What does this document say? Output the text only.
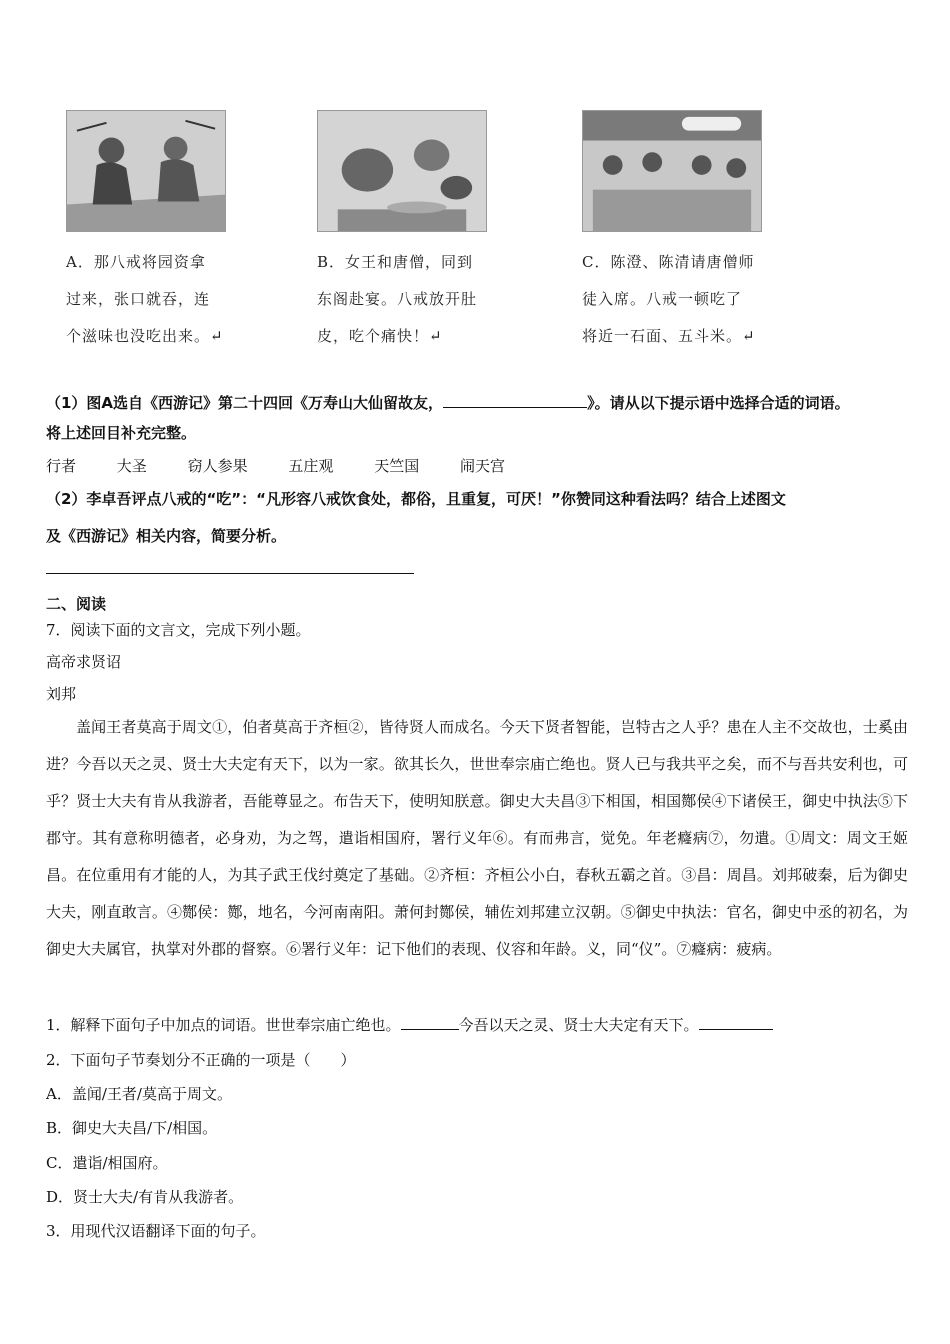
A．那八戒将园资拿
过来，张口就吞，连
个滋味也没吃出来。↵
B．女王和唐僧，同到
东阁赴宴。八戒放开肚
皮，吃个痛快！↵
C．陈澄、陈清请唐僧师
徒入席。八戒一顿吃了
将近一石面、五斗米。↵
（1）图A选自《西游记》第二十四回《万寿山大仙留故友，	》。请从以下提示语中选择合适的词语。
将上述回目补充完整。
行者	大圣	窃人参果	五庄观	天竺国	闹天宫
（2）李卓吾评点八戒的“吃”：“凡形容八戒饮食处，都俗，且重复，可厌！”你赞同这种看法吗？结合上述图文
及《西游记》相关内容，简要分析。
二、阅读
7．阅读下面的文言文，完成下列小题。
高帝求贤诏
刘邦

盖闻王者莫高于周文①，伯者莫高于齐桓②，皆待贤人而成名。今天下贤者智能，岂特古之人乎？患在人主不交故也，士奚由进？今吾以天之灵、贤士大夫定有天下，以为一家。欲其长久，世世奉宗庙亡绝也。贤人已与我共平之矣，而不与吾共安利也，可乎？贤士大夫有肯从我游者，吾能尊显之。布告天下，使明知朕意。御史大夫昌③下相国，相国酂侯④下诸侯王，御史中执法⑤下郡守。其有意称明德者，必身劝，为之驾，遣诣相国府，署行义年⑥。有而弗言，觉免。年老癃病⑦，勿遣。①周文：周文王姬昌。在位重用有才能的人，为其子武王伐纣奠定了基础。②齐桓：齐桓公小白，春秋五霸之首。③昌：周昌。刘邦破秦，后为御史大夫，刚直敢言。④酂侯：酂，地名，今河南南阳。萧何封酂侯，辅佐刘邦建立汉朝。⑤御史中执法：官名，御史中丞的初名，为御史大夫属官，执掌对外郡的督察。⑥署行义年：记下他们的表现、仪容和年龄。义，同“仪”。⑦癃病：疲病。

1．解释下面句子中加点的词语。世世奉宗庙亡绝也。	今吾以天之灵、贤士大夫定有天下。
2．下面句子节奏划分不正确的一项是（　　）
A．盖闻/王者/莫高于周文。
B．御史大夫昌/下/相国。
C．遣诣/相国府。
D．贤士大夫/有肯从我游者。
3．用现代汉语翻译下面的句子。
